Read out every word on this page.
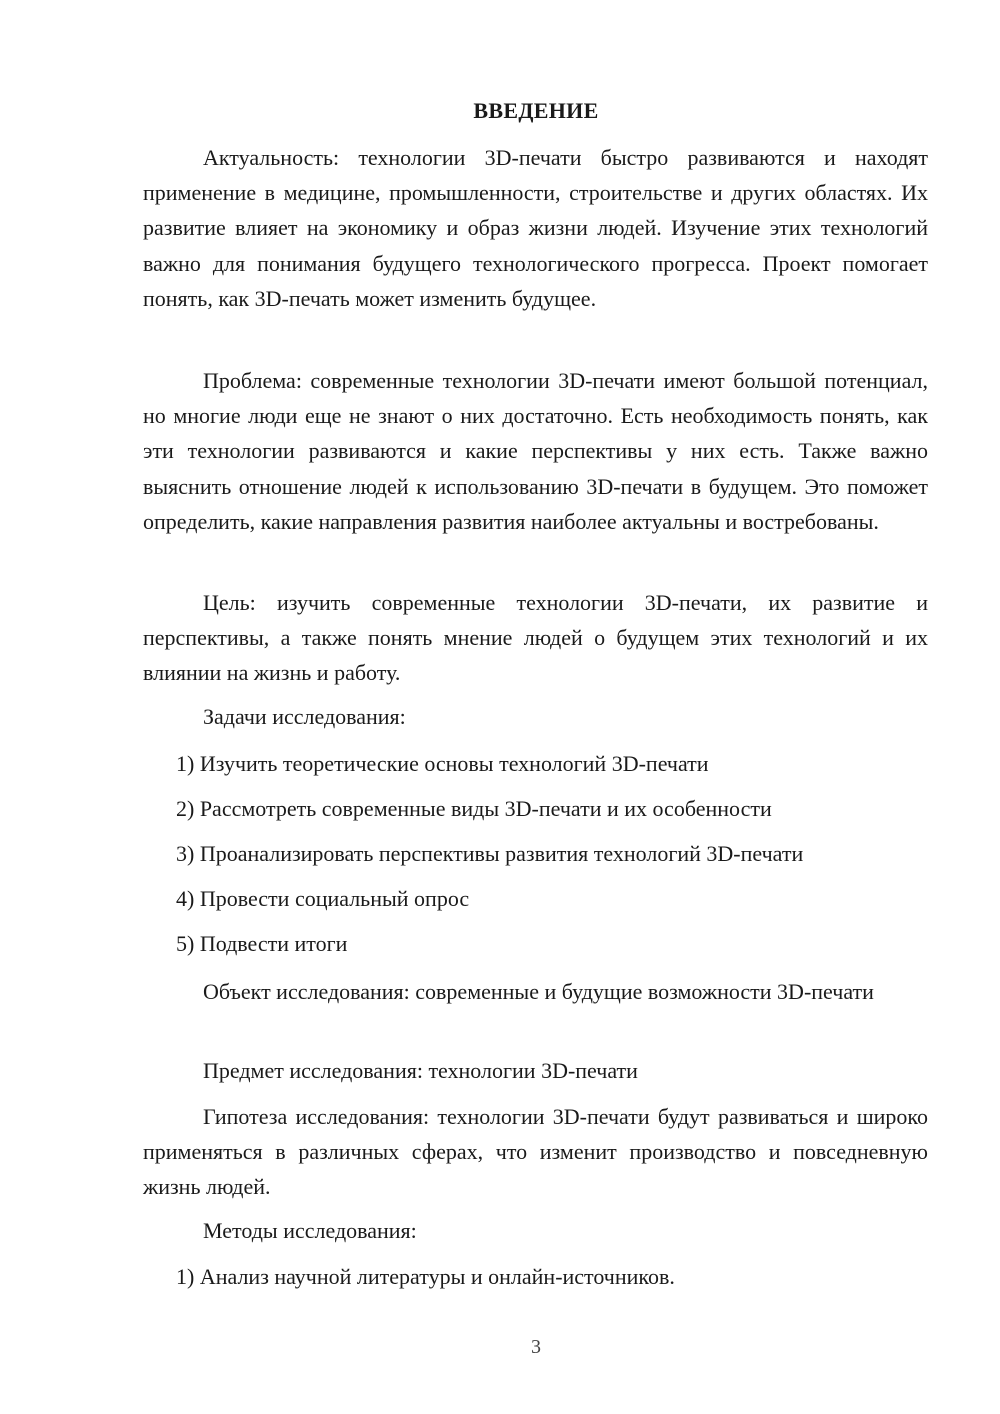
ВВЕДЕНИЕ

Актуальность: технологии 3D-печати быстро развиваются и находят применение в медицине, промышленности, строительстве и других областях. Их развитие влияет на экономику и образ жизни людей. Изучение этих технологий важно для понимания будущего технологического прогресса. Проект помогает понять, как 3D-печать может изменить будущее.

Проблема: современные технологии 3D-печати имеют большой потенциал, но многие люди еще не знают о них достаточно. Есть необходимость понять, как эти технологии развиваются и какие перспективы у них есть. Также важно выяснить отношение людей к использованию 3D-печати в будущем. Это поможет определить, какие направления развития наиболее актуальны и востребованы.

Цель: изучить современные технологии 3D-печати, их развитие и перспективы, а также понять мнение людей о будущем этих технологий и их влиянии на жизнь и работу.

Задачи исследования:
1) Изучить теоретические основы технологий 3D-печати
2) Рассмотреть современные виды 3D-печати и их особенности
3) Проанализировать перспективы развития технологий 3D-печати
4) Провести социальный опрос
5) Подвести итоги

Объект исследования: современные и будущие возможности 3D-печати

Предмет исследования: технологии 3D-печати

Гипотеза исследования: технологии 3D-печати будут развиваться и широко применяться в различных сферах, что изменит производство и повседневную жизнь людей.

Методы исследования:
1) Анализ научной литературы и онлайн-источников.
3
